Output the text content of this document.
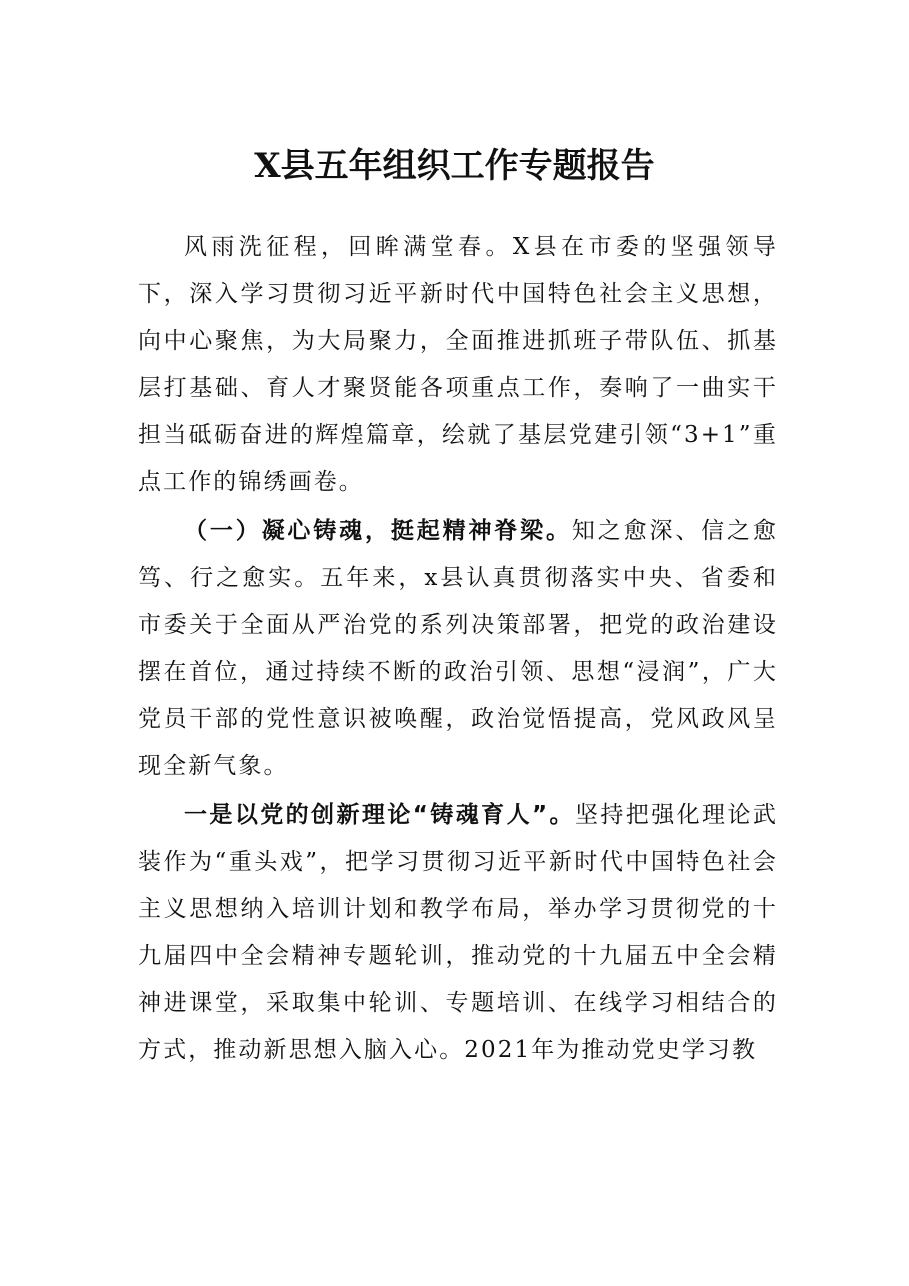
X县五年组织工作专题报告

风雨洗征程，回眸满堂春。X县在市委的坚强领导下，深入学习贯彻习近平新时代中国特色社会主义思想，向中心聚焦，为大局聚力，全面推进抓班子带队伍、抓基层打基础、育人才聚贤能各项重点工作，奏响了一曲实干担当砥砺奋进的辉煌篇章，绘就了基层党建引领“3+1”重点工作的锦绣画卷。

（一）凝心铸魂，挺起精神脊梁。知之愈深、信之愈笃、行之愈实。五年来，x县认真贯彻落实中央、省委和市委关于全面从严治党的系列决策部署，把党的政治建设摆在首位，通过持续不断的政治引领、思想“浸润”，广大党员干部的党性意识被唤醒，政治觉悟提高，党风政风呈现全新气象。

一是以党的创新理论“铸魂育人”。坚持把强化理论武装作为“重头戏”，把学习贯彻习近平新时代中国特色社会主义思想纳入培训计划和教学布局，举办学习贯彻党的十九届四中全会精神专题轮训，推动党的十九届五中全会精神进课堂，采取集中轮训、专题培训、在线学习相结合的方式，推动新思想入脑入心。2021年为推动党史学习教
